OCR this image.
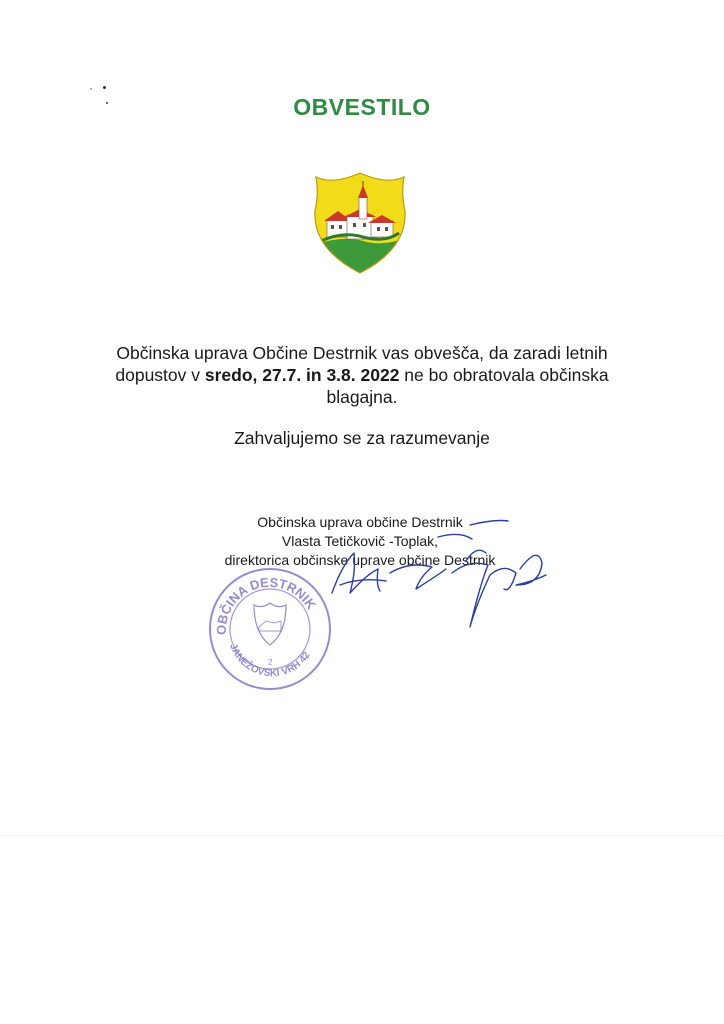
OBVESTILO
Občinska uprava Občine Destrnik vas obvešča, da zaradi letnih dopustov v sredo, 27.7. in 3.8. 2022 ne bo obratovala občinska blagajna.
Zahvaljujemo se za razumevanje
Občinska uprava občine Destrnik
Vlasta Tetičkovič -Toplak,
direktorica občinske uprave občine Destrnik
OBČINA DESTRNIK
JANEŽOVSKI VRH 42
2
